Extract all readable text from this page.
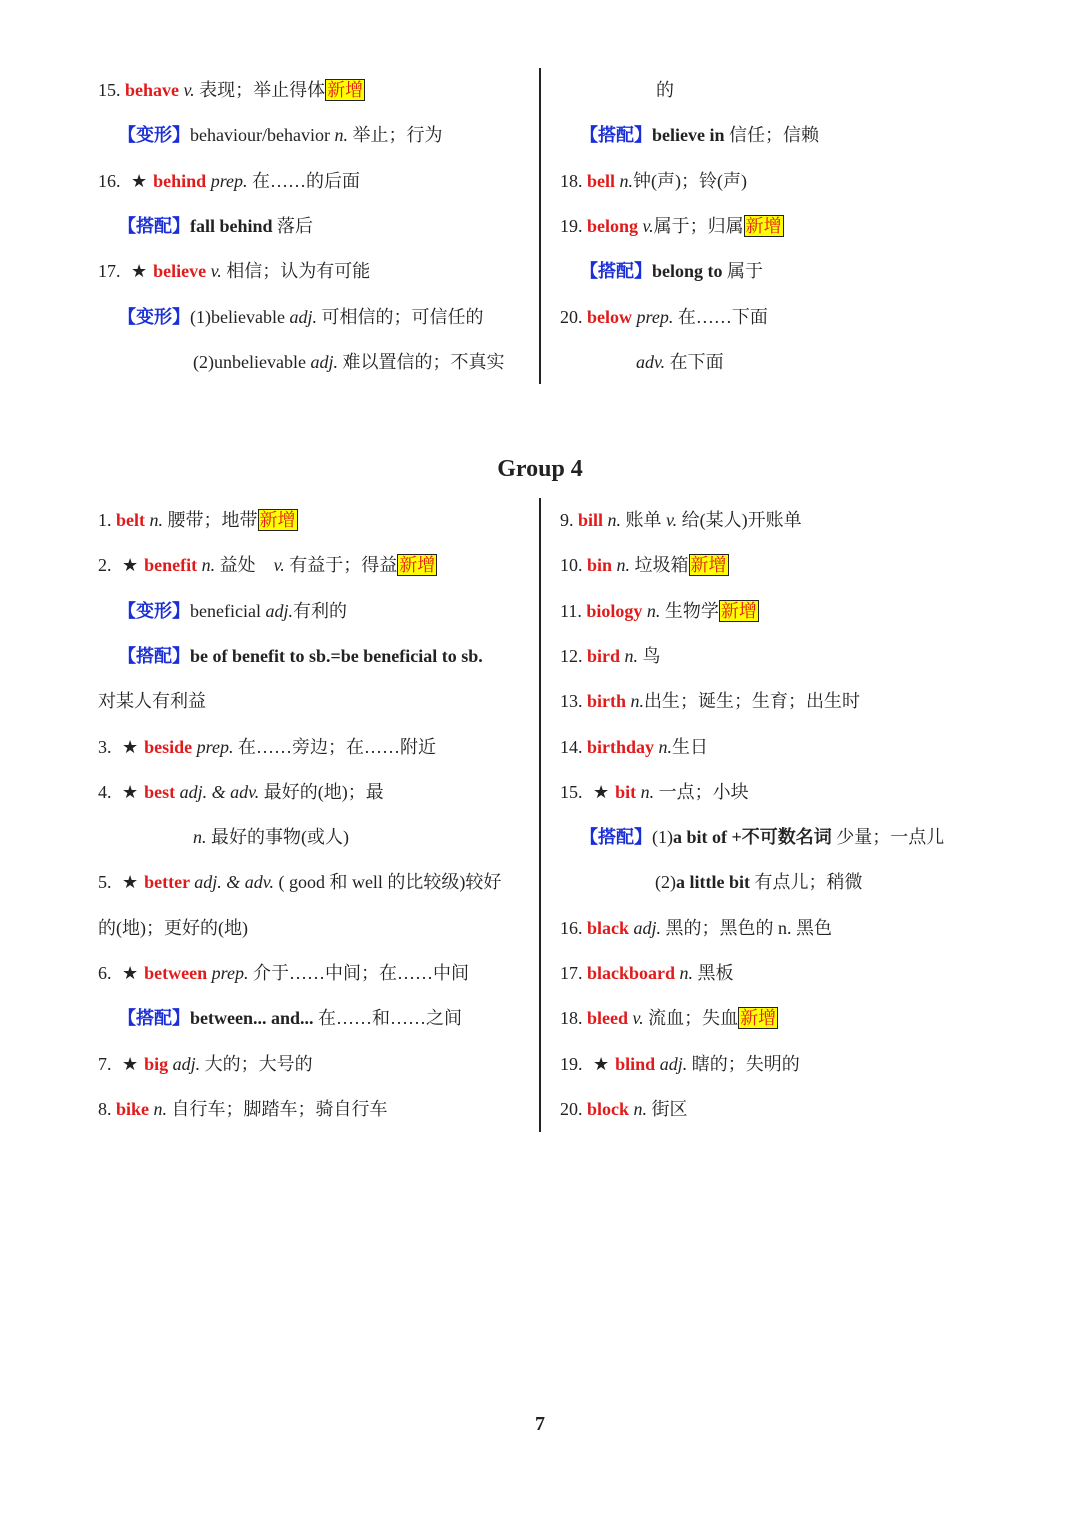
15. behave v. 表现；举止得体 新增
【变形】behaviour/behavior n. 举止；行为
16. ★ behind prep. 在……的后面
【搭配】fall behind 落后
17. ★ believe v. 相信；认为有可能
【变形】(1)believable adj. 可相信的；可信任的
(2)unbelievable adj. 难以置信的；不真实
的
【搭配】believe in 信任；信赖
18. bell n.钟(声)；铃(声)
19. belong v.属于；归属 新增
【搭配】belong to 属于
20. below prep. 在……下面
adv. 在下面
Group 4
1. belt n. 腰带；地带 新增
2. ★ benefit n. 益处　v. 有益于；得益 新增
【变形】beneficial adj.有利的
【搭配】be of benefit to sb.=be beneficial to sb.
对某人有利益
3. ★ beside prep. 在……旁边；在……附近
4. ★ best adj. & adv. 最好的(地)；最
n. 最好的事物(或人)
5. ★ better adj. & adv. ( good 和 well 的比较级)较好
的(地)；更好的(地)
6. ★ between prep. 介于……中间；在……中间
【搭配】between... and... 在……和……之间
7. ★ big adj. 大的；大号的
8. bike n. 自行车；脚踏车；骑自行车
9. bill n. 账单 v. 给(某人)开账单
10. bin n. 垃圾箱 新增
11. biology n. 生物学 新增
12. bird n. 鸟
13. birth n.出生；诞生；生育；出生时
14. birthday n.生日
15. ★ bit n. 一点；小块
【搭配】(1)a bit of +不可数名词 少量；一点儿
(2)a little bit 有点儿；稍微
16. black adj. 黑的；黑色的 n. 黑色
17. blackboard n. 黑板
18. bleed v. 流血；失血 新增
19. ★ blind adj. 瞎的；失明的
20. block n. 街区
7
